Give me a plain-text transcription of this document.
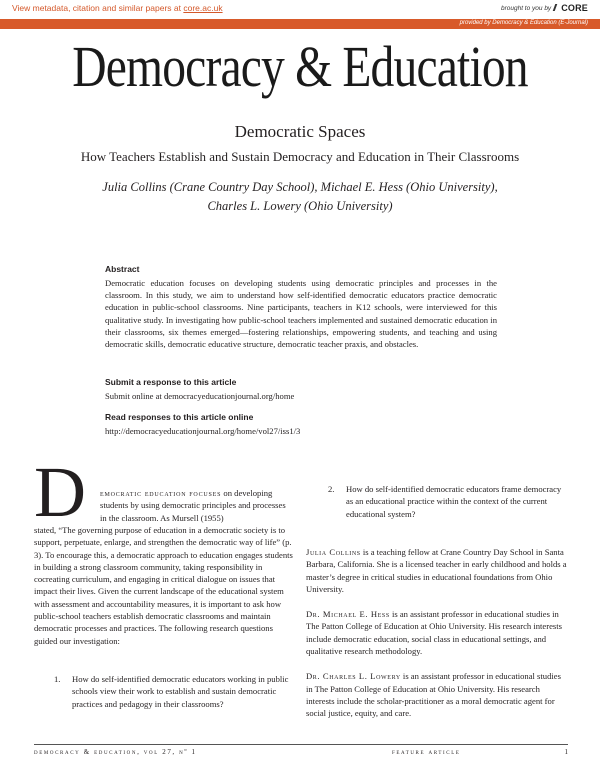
View metadata, citation and similar papers at core.ac.uk	brought to you by	CORE
provided by Democracy & Education (E-Journal)
Democracy & Education
Democratic Spaces
How Teachers Establish and Sustain Democracy and Education in Their Classrooms
Julia Collins (Crane Country Day School), Michael E. Hess (Ohio University),
Charles L. Lowery (Ohio University)
Abstract
Democratic education focuses on developing students using democratic principles and processes in the classroom. In this study, we aim to understand how self-identified democratic educators practice democratic education in public-school classrooms. Nine participants, teachers in K12 schools, were interviewed for this qualitative study. In investigating how public-school teachers implemented and sustained democratic education in their classrooms, six themes emerged—fostering relationships, empowering students, and teaching and using democratic skills, democratic educative structure, democratic teacher praxis, and obstacles.
Submit a response to this article
Submit online at democracyeducationjournal.org/home
Read responses to this article online
http://democracyeducationjournal.org/home/vol27/iss1/3
D	emocratic education focuses on developing students by using democratic principles and processes in the classroom. As Mursell (1955)
stated, “The governing purpose of education in a democratic society is to support, perpetuate, enlarge, and strengthen the democratic way of life” (p. 3). To encourage this, a democratic approach to education engages students in building a strong classroom community, taking responsibility in cocreating curriculum, and engaging in critical dialogue on issues that impact their lives. Given the current landscape of the educational system with assessment and accountability measures, it is important to ask how public-school teachers establish democratic classrooms and maintain democratic processes and practices. The following research questions guided our investigation:
1.	How do self-identified democratic educators working in public schools view their work to establish and sustain democratic practices and pedagogy in their classrooms?
2.	How do self-identified democratic educators frame democracy as an educational practice within the context of the current educational system?
Julia Collins is a teaching fellow at Crane Country Day School in Santa Barbara, California. She is a licensed teacher in early childhood and holds a master’s degree in critical studies in educational foundations from Ohio University.
Dr. Michael E. Hess is an assistant professor in educational studies in The Patton College of Education at Ohio University. His research interests include democratic education, social class in educational settings, and qualitative research methodology.
Dr. Charles L. Lowery is an assistant professor in educational studies in The Patton College of Education at Ohio University. His research interests include the scholar-practitioner as a moral democratic agent for social justice, equity, and care.
democracy & education, vol 27, nº 1	feature article	1
